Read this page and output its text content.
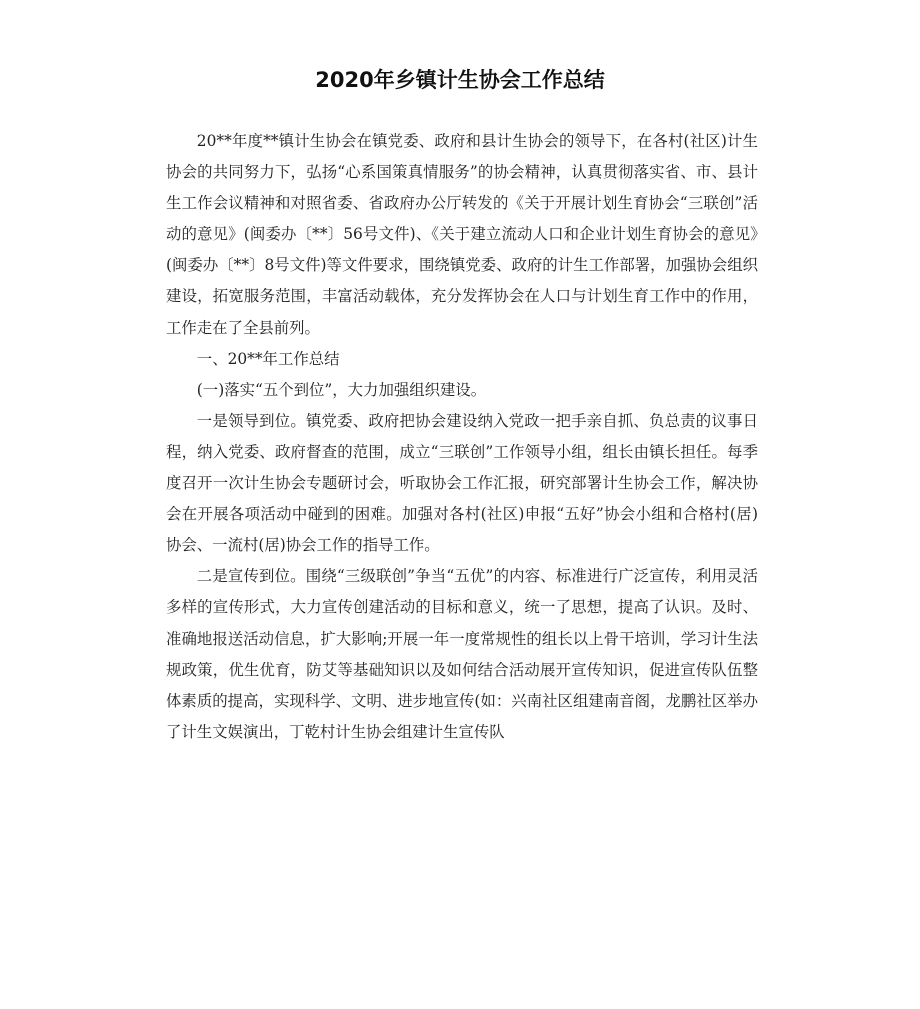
2020年乡镇计生协会工作总结

20**年度**镇计生协会在镇党委、政府和县计生协会的领导下，在各村(社区)计生协会的共同努力下，弘扬“心系国策真情服务”的协会精神，认真贯彻落实省、市、县计生工作会议精神和对照省委、省政府办公厅转发的《关于开展计划生育协会“三联创”活动的意见》(闽委办〔**〕56号文件)、《关于建立流动人口和企业计划生育协会的意见》(闽委办〔**〕8号文件)等文件要求，围绕镇党委、政府的计生工作部署，加强协会组织建设，拓宽服务范围，丰富活动载体，充分发挥协会在人口与计划生育工作中的作用，工作走在了全县前列。

一、20**年工作总结

(一)落实“五个到位”，大力加强组织建设。

一是领导到位。镇党委、政府把协会建设纳入党政一把手亲自抓、负总责的议事日程，纳入党委、政府督查的范围，成立“三联创”工作领导小组，组长由镇长担任。每季度召开一次计生协会专题研讨会，听取协会工作汇报，研究部署计生协会工作，解决协会在开展各项活动中碰到的困难。加强对各村(社区)申报“五好”协会小组和合格村(居)协会、一流村(居)协会工作的指导工作。

二是宣传到位。围绕“三级联创”争当“五优”的内容、标准进行广泛宣传，利用灵活多样的宣传形式，大力宣传创建活动的目标和意义，统一了思想，提高了认识。及时、准确地报送活动信息，扩大影响;开展一年一度常规性的组长以上骨干培训，学习计生法规政策，优生优育，防艾等基础知识以及如何结合活动展开宣传知识，促进宣传队伍整体素质的提高，实现科学、文明、进步地宣传(如：兴南社区组建南音阁，龙鹏社区举办了计生文娱演出，丁乾村计生协会组建计生宣传队
